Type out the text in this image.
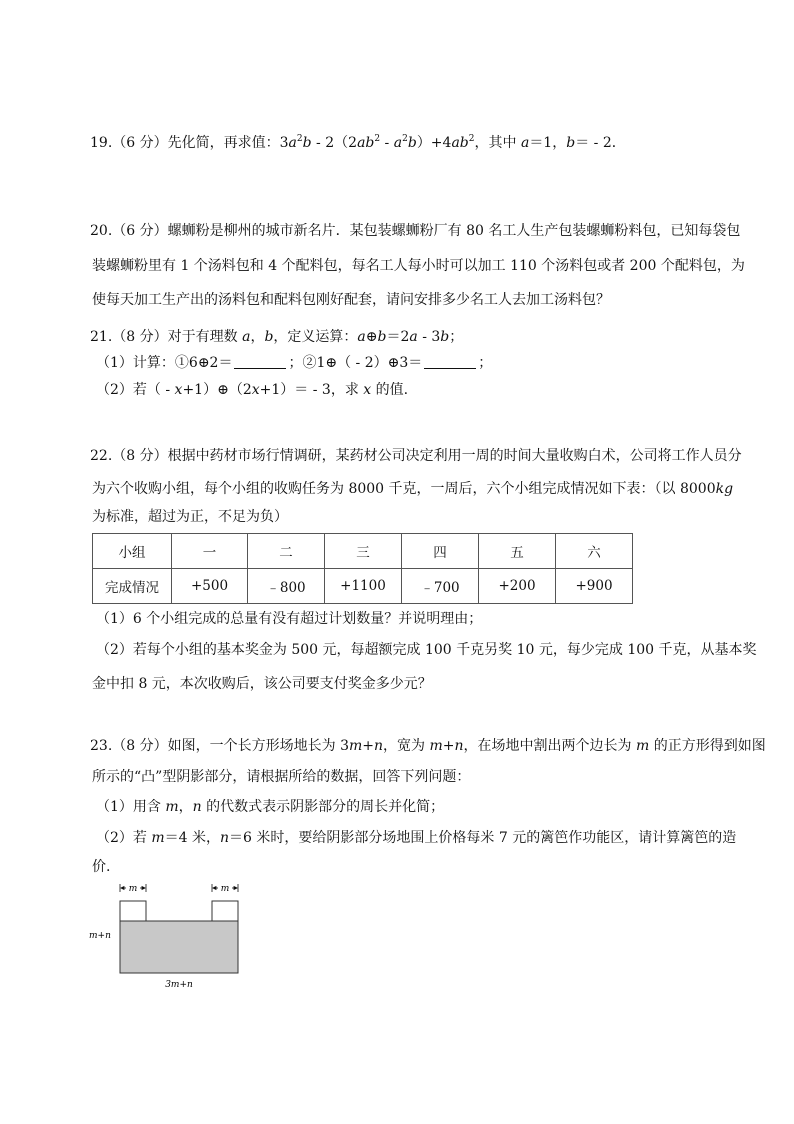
19.（6 分）先化简，再求值：$3a^2b - 2(2ab^2 - a^2b)+4ab^2$，其中 a＝1，b＝ - 2．
20.（6 分）螺蛳粉是柳州的城市新名片．某包装螺蛳粉厂有 80 名工人生产包装螺蛳粉料包，已知每袋包
装螺蛳粉里有 1 个汤料包和 4 个配料包，每名工人每小时可以加工 110 个汤料包或者 200 个配料包，为
使每天加工生产出的汤料包和配料包刚好配套，请问安排多少名工人去加工汤料包？
21.（8 分）对于有理数 a，b，定义运算：a⊕b＝2a - 3b；
（1）计算：①6⊕2＝	；②1⊕（ - 2）⊕3＝	；
（2）若（ - x+1）⊕（2x+1）＝ - 3，求 x 的值.
22.（8 分）根据中药材市场行情调研，某药材公司决定利用一周的时间大量收购白术，公司将工作人员分
为六个收购小组，每个小组的收购任务为 8000 千克，一周后，六个小组完成情况如下表：（以 8000kg
为标准，超过为正，不足为负）
小组	一	二	三	四	五	六
完成情况	+500	﹣800	+1100	﹣700	+200	+900
（1）6 个小组完成的总量有没有超过计划数量？并说明理由；
（2）若每个小组的基本奖金为 500 元，每超额完成 100 千克另奖 10 元，每少完成 100 千克，从基本奖
金中扣 8 元，本次收购后，该公司要支付奖金多少元？
23.（8 分）如图，一个长方形场地长为 3m+n，宽为 m+n，在场地中割出两个边长为 m 的正方形得到如图
所示的“凸”型阴影部分，请根据所给的数据，回答下列问题：
（1）用含 m，n 的代数式表示阴影部分的周长并化简；
（2）若 m＝4 米，n＝6 米时，要给阴影部分场地围上价格每米 7 元的篱笆作功能区，请计算篱笆的造
价.
m	m
m+n
3m+n
